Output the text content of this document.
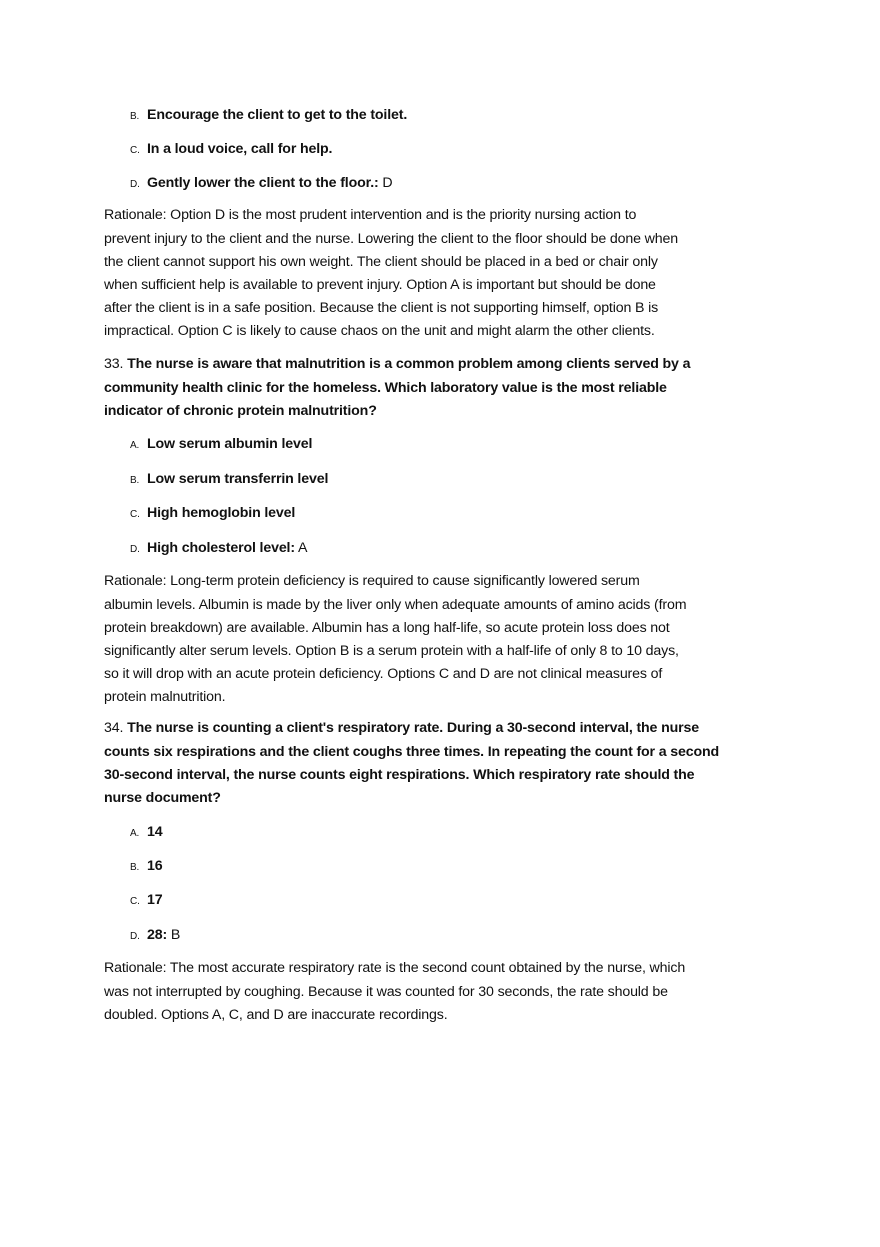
B. Encourage the client to get to the toilet.
C. In a loud voice, call for help.
D. Gently lower the client to the floor.: D
Rationale: Option D is the most prudent intervention and is the priority nursing action to
prevent injury to the client and the nurse. Lowering the client to the floor should be done when
the client cannot support his own weight. The client should be placed in a bed or chair only
when sufficient help is available to prevent injury. Option A is important but should be done
after the client is in a safe position. Because the client is not supporting himself, option B is
impractical. Option C is likely to cause chaos on the unit and might alarm the other clients.
33. The nurse is aware that malnutrition is a common problem among clients served by a
community health clinic for the homeless. Which laboratory value is the most reliable
indicator of chronic protein malnutrition?
A. Low serum albumin level
B. Low serum transferrin level
C. High hemoglobin level
D. High cholesterol level: A
Rationale: Long-term protein deficiency is required to cause significantly lowered serum
albumin levels. Albumin is made by the liver only when adequate amounts of amino acids (from
protein breakdown) are available. Albumin has a long half-life, so acute protein loss does not
significantly alter serum levels. Option B is a serum protein with a half-life of only 8 to 10 days,
so it will drop with an acute protein deficiency. Options C and D are not clinical measures of
protein malnutrition.
34. The nurse is counting a client's respiratory rate. During a 30-second interval, the nurse
counts six respirations and the client coughs three times. In repeating the count for a second
30-second interval, the nurse counts eight respirations. Which respiratory rate should the
nurse document?
A. 14
B. 16
C. 17
D. 28: B
Rationale: The most accurate respiratory rate is the second count obtained by the nurse, which
was not interrupted by coughing. Because it was counted for 30 seconds, the rate should be
doubled. Options A, C, and D are inaccurate recordings.
